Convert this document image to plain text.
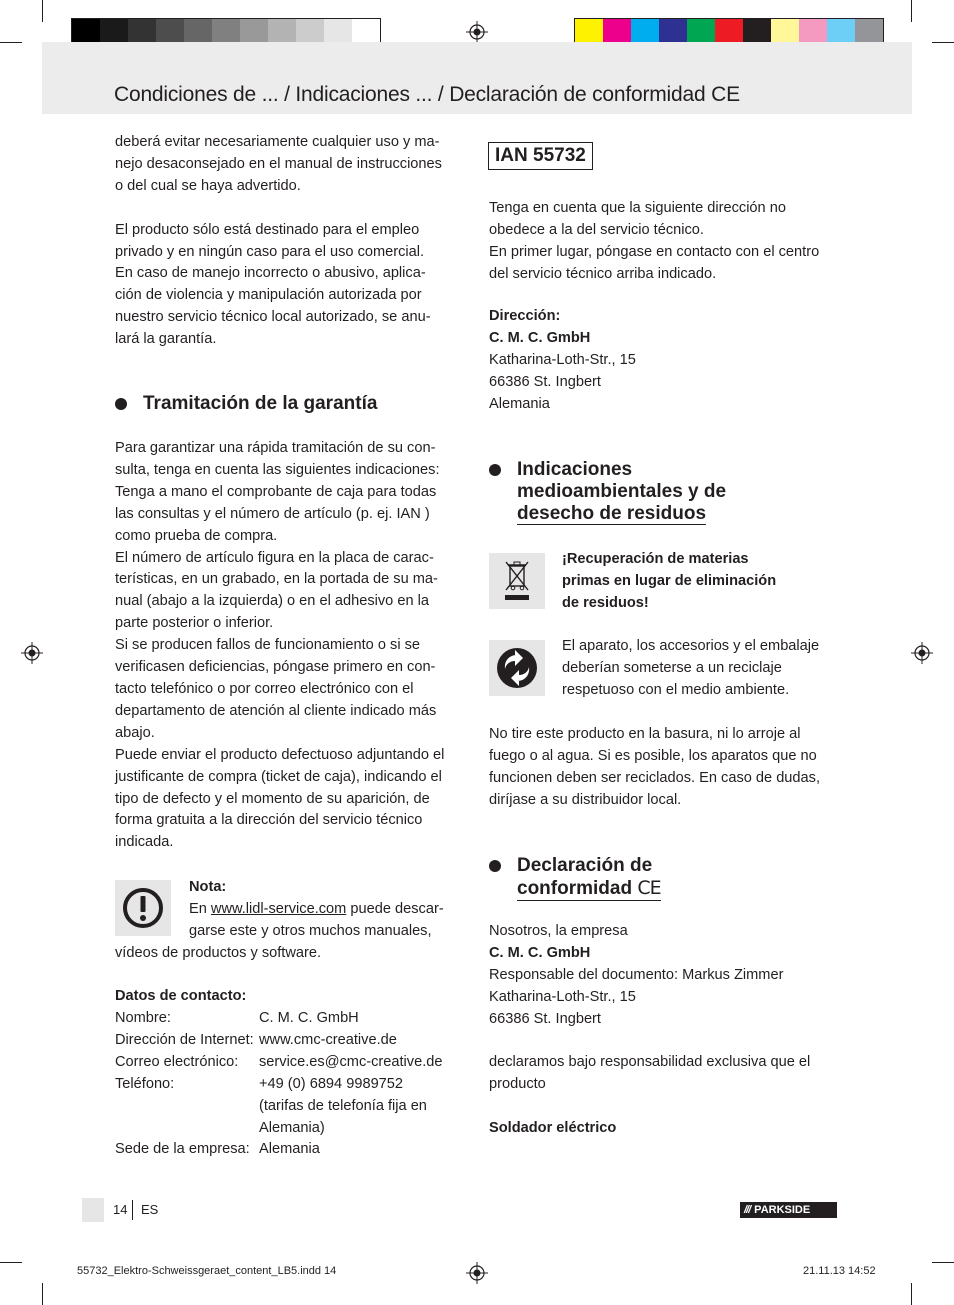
Condiciones de ... / Indicaciones ... / Declaración de conformidad CE

deberá evitar necesariamente cualquier uso y ma-

nejo desaconsejado en el manual de instrucciones

o del cual se haya advertido.

El producto sólo está destinado para el empleo

privado y en ningún caso para el uso comercial.

En caso de manejo incorrecto o abusivo, aplica-

ción de violencia y manipulación autorizada por

nuestro servicio técnico local autorizado, se anu-

lará la garantía.

Tramitación de la garantía

Para garantizar una rápida tramitación de su con-

sulta, tenga en cuenta las siguientes indicaciones:

Tenga a mano el comprobante de caja para todas

las consultas y el número de artículo (p. ej. IAN )

como prueba de compra.

El número de artículo figura en la placa de carac-

terísticas, en un grabado, en la portada de su ma-

nual (abajo a la izquierda) o en el adhesivo en la

parte posterior o inferior.

Si se producen fallos de funcionamiento o si se

verificasen deficiencias, póngase primero en con-

tacto telefónico o por correo electrónico con el

departamento de atención al cliente indicado más

abajo.

Puede enviar el producto defectuoso adjuntando el

justificante de compra (ticket de caja), indicando el

tipo de defecto y el momento de su aparición, de

forma gratuita a la dirección del servicio técnico

indicada.

Nota:

En www.lidl-service.com puede descar-

garse este y otros muchos manuales,

vídeos de productos y software.

Datos de contacto:
Nombre:	C. M. C. GmbH
Dirección de Internet: www.cmc-creative.de
Correo electrónico:	service.es@cmc-creative.de
Teléfono:	+49 (0) 6894 9989752
(tarifas de telefonía fija en
Alemania)
Sede de la empresa: Alemania
IAN 55732

Tenga en cuenta que la siguiente dirección no

obedece a la del servicio técnico.

En primer lugar, póngase en contacto con el centro

del servicio técnico arriba indicado.

Dirección:

C. M. C. GmbH

Katharina-Loth-Str., 15

66386 St. Ingbert

Alemania

Indicaciones
medioambientales y de
desecho de residuos

¡Recuperación de materias

primas en lugar de eliminación

de residuos!

El aparato, los accesorios y el embalaje

deberían someterse a un reciclaje

respetuoso con el medio ambiente.

No tire este producto en la basura, ni lo arroje al

fuego o al agua. Si es posible, los aparatos que no

funcionen deben ser reciclados. En caso de dudas,

diríjase a su distribuidor local.

Declaración de
conformidad CE

Nosotros, la empresa

C. M. C. GmbH

Responsable del documento: Markus Zimmer

Katharina-Loth-Str., 15

66386 St. Ingbert

declaramos bajo responsabilidad exclusiva que el

producto

Soldador eléctrico

14 ES	/// PARKSIDE
55732_Elektro-Schweissgeraet_content_LB5.indd 14	21.11.13 14:52
